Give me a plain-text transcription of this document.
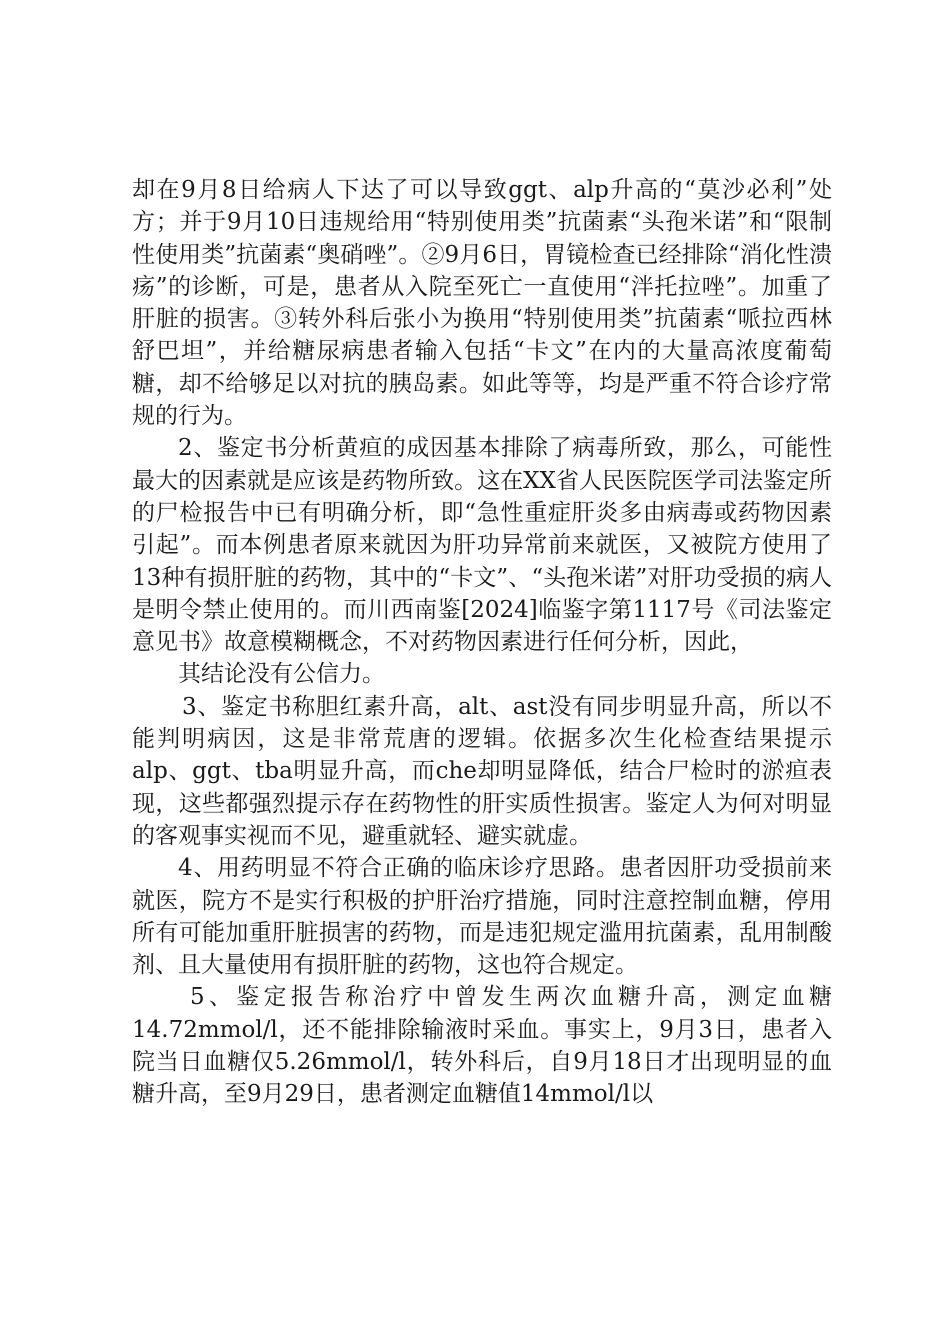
却在9月8日给病人下达了可以导致ggt、alp升高的“莫沙必利”处方；并于9月10日违规给用“特别使用类”抗菌素“头孢米诺”和“限制性使用类”抗菌素“奥硝唑”。②9月6日，胃镜检查已经排除“消化性溃疡”的诊断，可是，患者从入院至死亡一直使用“泮托拉唑”。加重了肝脏的损害。③转外科后张小为换用“特别使用类”抗菌素“哌拉西林舒巴坦”，并给糖尿病患者输入包括“卡文”在内的大量高浓度葡萄糖，却不给够足以对抗的胰岛素。如此等等，均是严重不符合诊疗常规的行为。

2、鉴定书分析黄疸的成因基本排除了病毒所致，那么，可能性最大的因素就是应该是药物所致。这在XX省人民医院医学司法鉴定所的尸检报告中已有明确分析，即“急性重症肝炎多由病毒或药物因素引起”。而本例患者原来就因为肝功异常前来就医，又被院方使用了13种有损肝脏的药物，其中的“卡文”、“头孢米诺”对肝功受损的病人是明令禁止使用的。而川西南鉴[2024]临鉴字第1117号《司法鉴定意见书》故意模糊概念，不对药物因素进行任何分析，因此，

其结论没有公信力。

3、鉴定书称胆红素升高，alt、ast没有同步明显升高，所以不能判明病因，这是非常荒唐的逻辑。依据多次生化检查结果提示alp、ggt、tba明显升高，而che却明显降低，结合尸检时的淤疸表现，这些都强烈提示存在药物性的肝实质性损害。鉴定人为何对明显的客观事实视而不见，避重就轻、避实就虚。

4、用药明显不符合正确的临床诊疗思路。患者因肝功受损前来就医，院方不是实行积极的护肝治疗措施，同时注意控制血糖，停用所有可能加重肝脏损害的药物，而是违犯规定滥用抗菌素，乱用制酸剂、且大量使用有损肝脏的药物，这也符合规定。

5、鉴定报告称治疗中曾发生两次血糖升高，测定血糖14.72mmol/l，还不能排除输液时采血。事实上，9月3日，患者入院当日血糖仅5.26mmol/l，转外科后，自9月18日才出现明显的血糖升高，至9月29日，患者测定血糖值14mmol/l以
